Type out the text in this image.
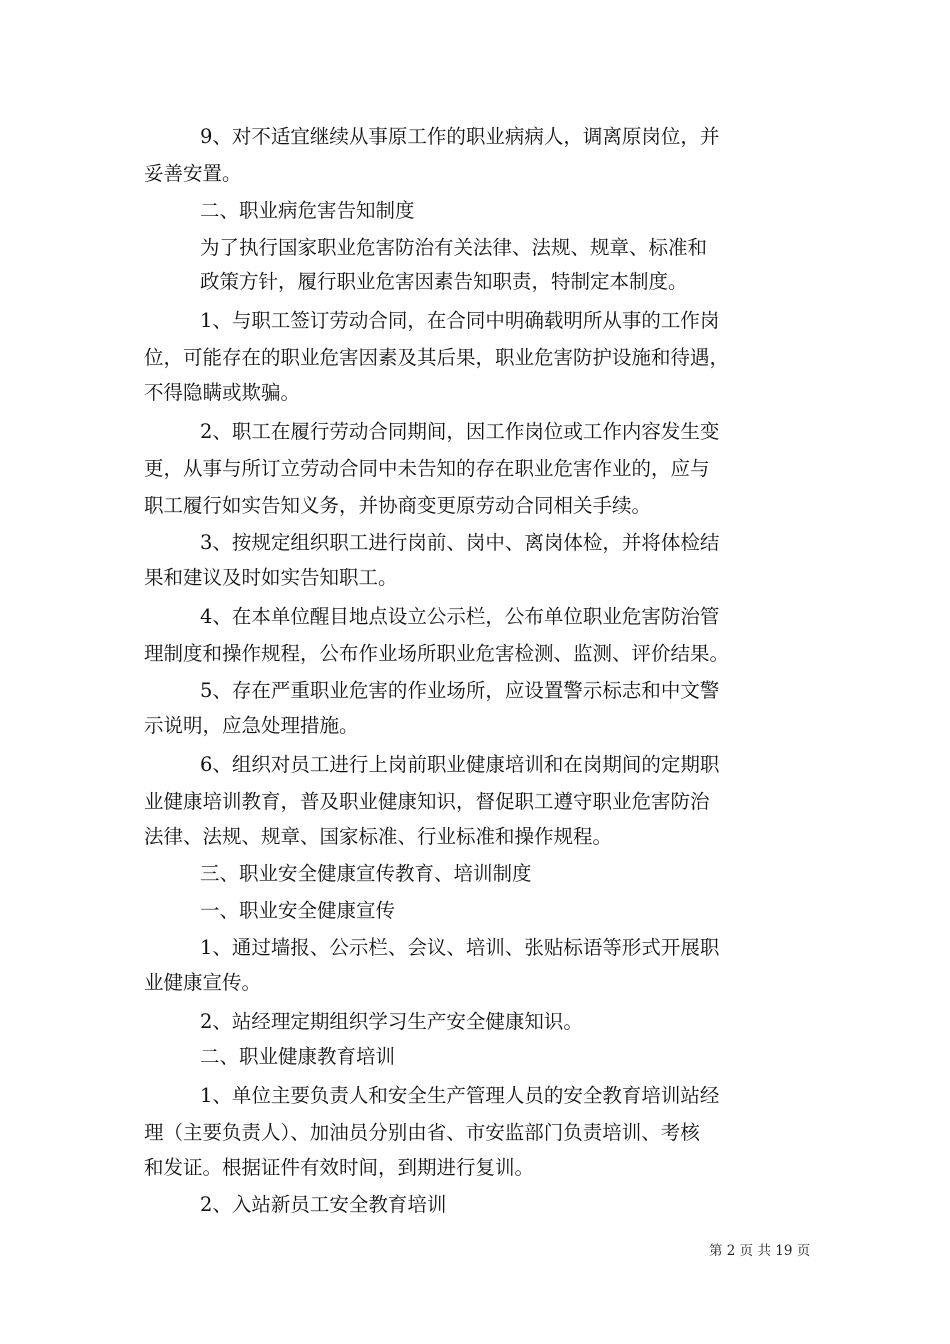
9、对不适宜继续从事原工作的职业病病人，调离原岗位，并
妥善安置。
二、职业病危害告知制度
为了执行国家职业危害防治有关法律、法规、规章、标准和
政策方针，履行职业危害因素告知职责，特制定本制度。
1、与职工签订劳动合同，在合同中明确载明所从事的工作岗
位，可能存在的职业危害因素及其后果，职业危害防护设施和待遇，
不得隐瞒或欺骗。
2、职工在履行劳动合同期间，因工作岗位或工作内容发生变
更，从事与所订立劳动合同中未告知的存在职业危害作业的，应与
职工履行如实告知义务，并协商变更原劳动合同相关手续。
3、按规定组织职工进行岗前、岗中、离岗体检，并将体检结
果和建议及时如实告知职工。
4、在本单位醒目地点设立公示栏，公布单位职业危害防治管
理制度和操作规程，公布作业场所职业危害检测、监测、评价结果。
5、存在严重职业危害的作业场所，应设置警示标志和中文警
示说明，应急处理措施。
6、组织对员工进行上岗前职业健康培训和在岗期间的定期职
业健康培训教育，普及职业健康知识，督促职工遵守职业危害防治
法律、法规、规章、国家标准、行业标准和操作规程。
三、职业安全健康宣传教育、培训制度
一、职业安全健康宣传
1、通过墙报、公示栏、会议、培训、张贴标语等形式开展职
业健康宣传。
2、站经理定期组织学习生产安全健康知识。
二、职业健康教育培训
1、单位主要负责人和安全生产管理人员的安全教育培训站经
理（主要负责人）、加油员分别由省、市安监部门负责培训、考核
和发证。根据证件有效时间，到期进行复训。
2、入站新员工安全教育培训
第 2 页 共 19 页
